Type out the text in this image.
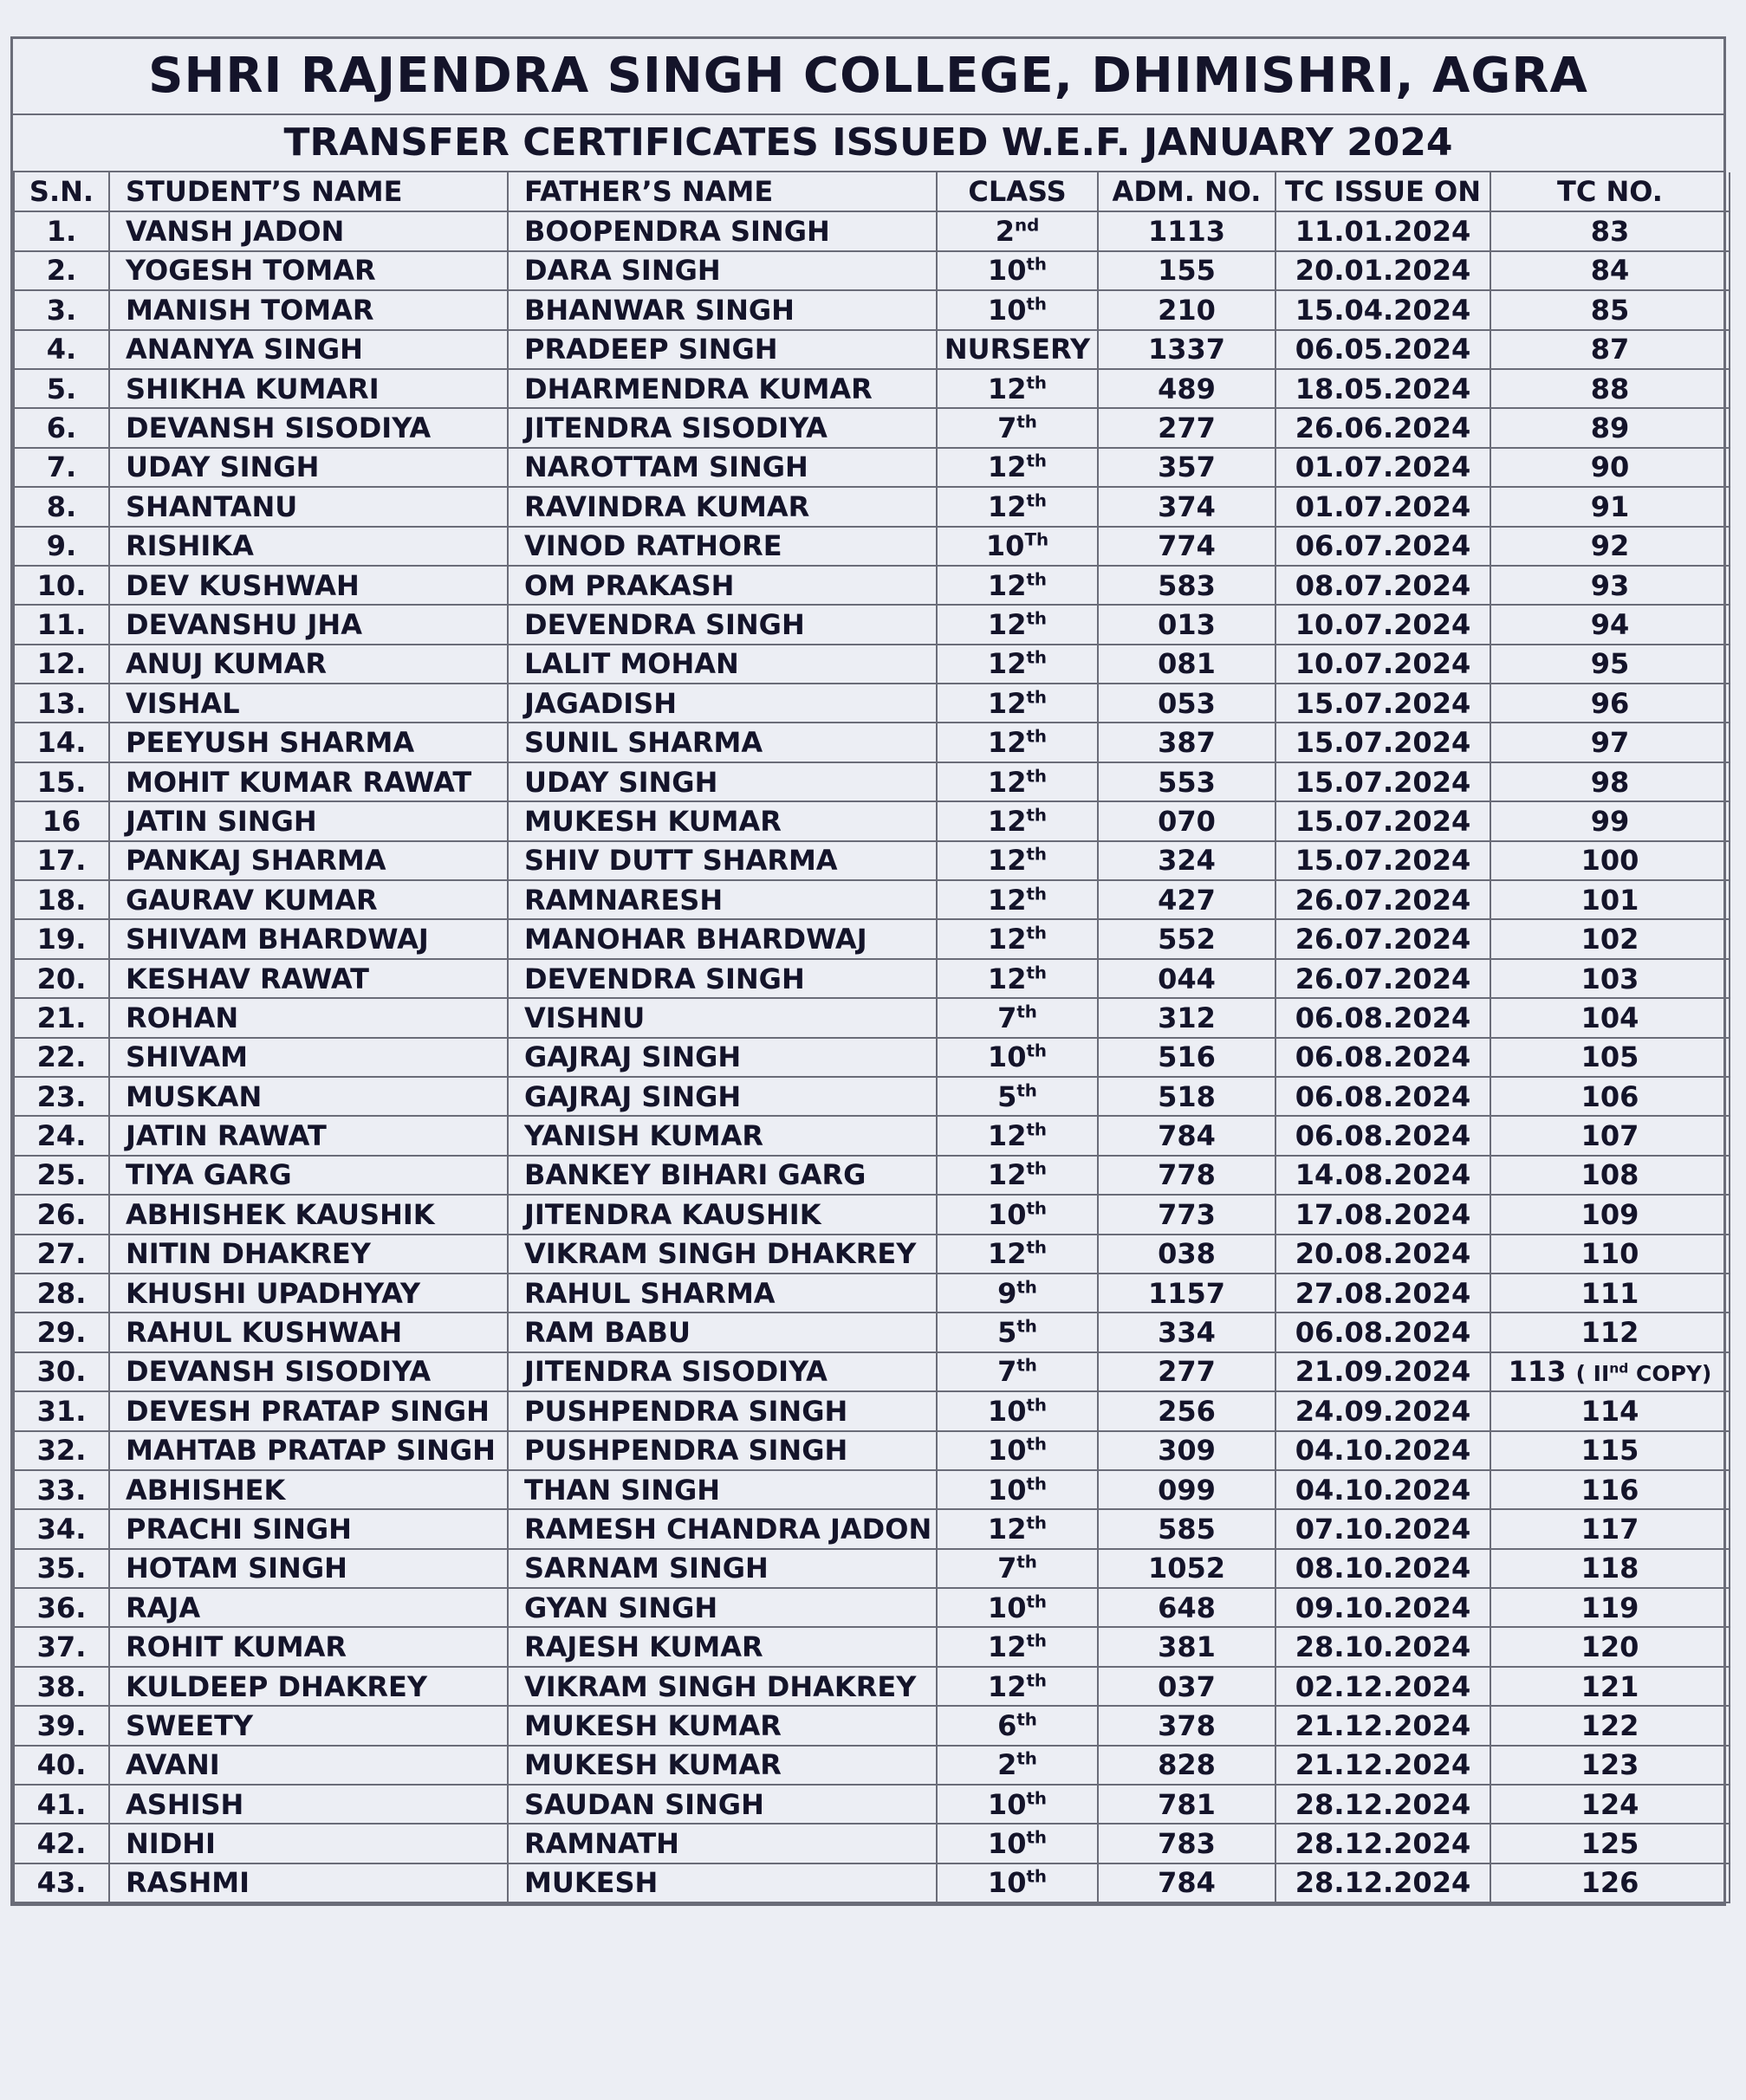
SHRI RAJENDRA SINGH COLLEGE, DHIMISHRI, AGRA
TRANSFER CERTIFICATES ISSUED W.E.F. JANUARY 2024
S.N.	STUDENT’S NAME	FATHER’S NAME	CLASS	ADM. NO.	TC ISSUE ON	TC NO.
1.	VANSH JADON	BOOPENDRA SINGH	2nd	1113	11.01.2024	83
2.	YOGESH TOMAR	DARA SINGH	10th	155	20.01.2024	84
3.	MANISH TOMAR	BHANWAR SINGH	10th	210	15.04.2024	85
4.	ANANYA SINGH	PRADEEP SINGH	NURSERY	1337	06.05.2024	87
5.	SHIKHA KUMARI	DHARMENDRA KUMAR	12th	489	18.05.2024	88
6.	DEVANSH SISODIYA	JITENDRA SISODIYA	7th	277	26.06.2024	89
7.	UDAY SINGH	NAROTTAM SINGH	12th	357	01.07.2024	90
8.	SHANTANU	RAVINDRA KUMAR	12th	374	01.07.2024	91
9.	RISHIKA	VINOD RATHORE	10Th	774	06.07.2024	92
10.	DEV KUSHWAH	OM PRAKASH	12th	583	08.07.2024	93
11.	DEVANSHU JHA	DEVENDRA SINGH	12th	013	10.07.2024	94
12.	ANUJ KUMAR	LALIT MOHAN	12th	081	10.07.2024	95
13.	VISHAL	JAGADISH	12th	053	15.07.2024	96
14.	PEEYUSH SHARMA	SUNIL SHARMA	12th	387	15.07.2024	97
15.	MOHIT KUMAR RAWAT	UDAY SINGH	12th	553	15.07.2024	98
16	JATIN SINGH	MUKESH KUMAR	12th	070	15.07.2024	99
17.	PANKAJ SHARMA	SHIV DUTT SHARMA	12th	324	15.07.2024	100
18.	GAURAV KUMAR	RAMNARESH	12th	427	26.07.2024	101
19.	SHIVAM BHARDWAJ	MANOHAR BHARDWAJ	12th	552	26.07.2024	102
20.	KESHAV RAWAT	DEVENDRA SINGH	12th	044	26.07.2024	103
21.	ROHAN	VISHNU	7th	312	06.08.2024	104
22.	SHIVAM	GAJRAJ SINGH	10th	516	06.08.2024	105
23.	MUSKAN	GAJRAJ SINGH	5th	518	06.08.2024	106
24.	JATIN RAWAT	YANISH KUMAR	12th	784	06.08.2024	107
25.	TIYA GARG	BANKEY BIHARI GARG	12th	778	14.08.2024	108
26.	ABHISHEK KAUSHIK	JITENDRA KAUSHIK	10th	773	17.08.2024	109
27.	NITIN DHAKREY	VIKRAM SINGH DHAKREY	12th	038	20.08.2024	110
28.	KHUSHI UPADHYAY	RAHUL SHARMA	9th	1157	27.08.2024	111
29.	RAHUL KUSHWAH	RAM BABU	5th	334	06.08.2024	112
30.	DEVANSH SISODIYA	JITENDRA SISODIYA	7th	277	21.09.2024	113 ( IInd COPY)
31.	DEVESH PRATAP SINGH	PUSHPENDRA SINGH	10th	256	24.09.2024	114
32.	MAHTAB PRATAP SINGH	PUSHPENDRA SINGH	10th	309	04.10.2024	115
33.	ABHISHEK	THAN SINGH	10th	099	04.10.2024	116
34.	PRACHI SINGH	RAMESH CHANDRA JADON	12th	585	07.10.2024	117
35.	HOTAM SINGH	SARNAM SINGH	7th	1052	08.10.2024	118
36.	RAJA	GYAN SINGH	10th	648	09.10.2024	119
37.	ROHIT KUMAR	RAJESH KUMAR	12th	381	28.10.2024	120
38.	KULDEEP DHAKREY	VIKRAM SINGH DHAKREY	12th	037	02.12.2024	121
39.	SWEETY	MUKESH KUMAR	6th	378	21.12.2024	122
40.	AVANI	MUKESH KUMAR	2th	828	21.12.2024	123
41.	ASHISH	SAUDAN SINGH	10th	781	28.12.2024	124
42.	NIDHI	RAMNATH	10th	783	28.12.2024	125
43.	RASHMI	MUKESH	10th	784	28.12.2024	126
